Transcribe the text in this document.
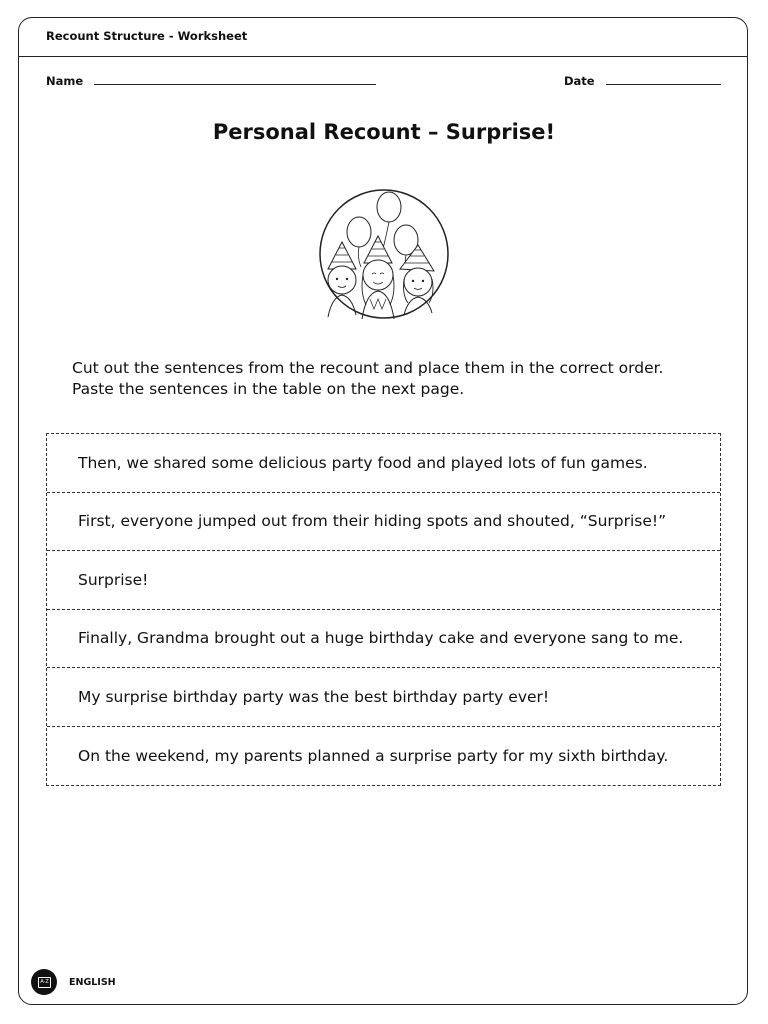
Recount Structure - Worksheet
Name	Date
Personal Recount – Surprise!
Cut out the sentences from the recount and place them in the correct order.
Paste the sentences in the table on the next page.
Then, we shared some delicious party food and played lots of fun games.
First, everyone jumped out from their hiding spots and shouted, “Surprise!”
Surprise!
Finally, Grandma brought out a huge birthday cake and everyone sang to me.
My surprise birthday party was the best birthday party ever!
On the weekend, my parents planned a surprise party for my sixth birthday.
A-Z ENGLISH
